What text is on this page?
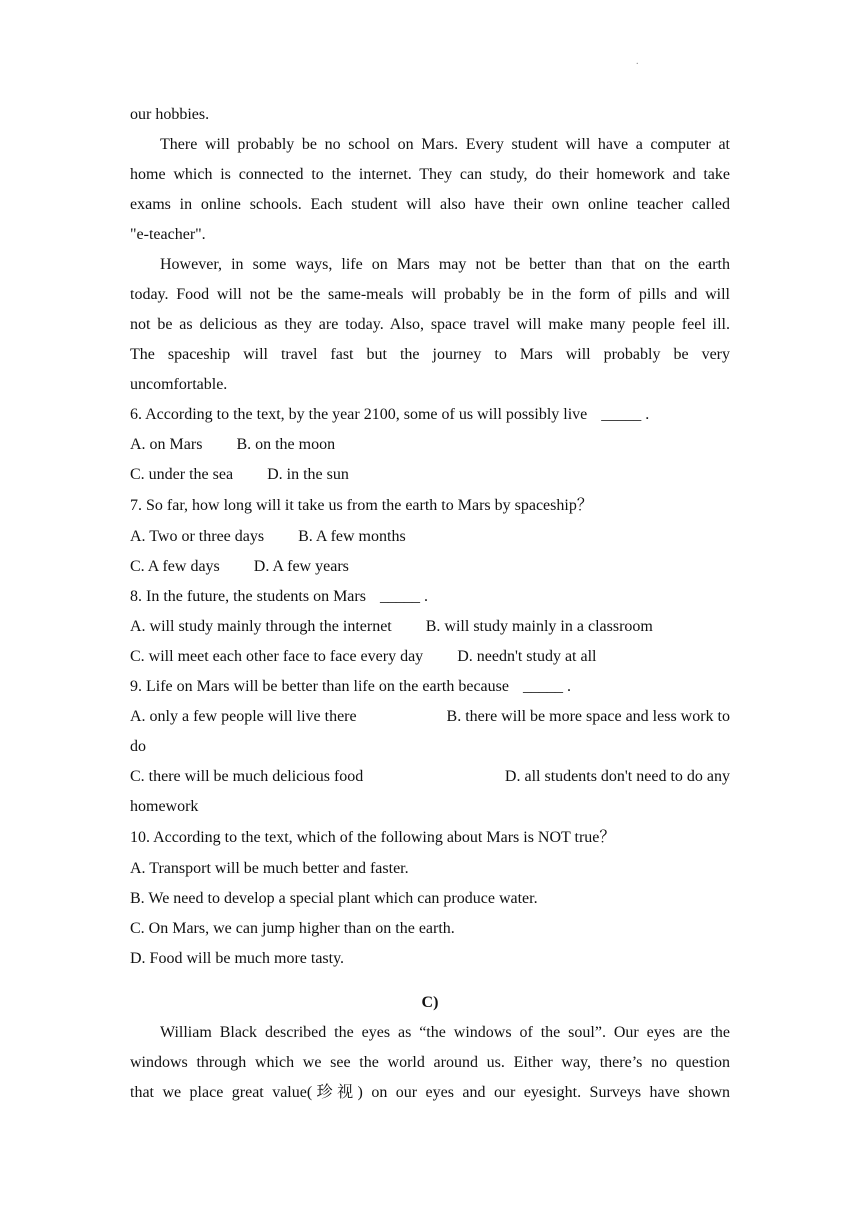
.
our hobbies.
There will probably be no school on Mars. Every student will have a computer at
home which is connected to the internet. They can study, do their homework and take
exams in online schools. Each student will also have their own online teacher called
"e-teacher".
However, in some ways, life on Mars may not be better than that on the earth
today. Food will not be the same-meals will probably be in the form of pills and will
not be as delicious as they are today. Also, space travel will make many people feel ill.
The spaceship will travel fast but the journey to Mars will probably be very
uncomfortable.
6. According to the text, by the year 2100, some of us will possibly live _____ .
A. on Mars B. on the moon
C. under the sea D. in the sun
7. So far, how long will it take us from the earth to Mars by spaceship？
A. Two or three days B. A few months
C. A few days D. A few years
8. In the future, the students on Mars _____ .
A. will study mainly through the internet B. will study mainly in a classroom
C. will meet each other face to face every day D. needn't study at all
9. Life on Mars will be better than life on the earth because _____ .
A. only a few people will live there	B. there will be more space and less work to
do
C. there will be much delicious food	D. all students don't need to do any
homework
10. According to the text, which of the following about Mars is NOT true？
A. Transport will be much better and faster.
B. We need to develop a special plant which can produce water.
C. On Mars, we can jump higher than on the earth.
D. Food will be much more tasty.
C)
William Black described the eyes as “the windows of the soul”. Our eyes are the
windows through which we see the world around us. Either way, there’s no question
that we place great value(珍视) on our eyes and our eyesight. Surveys have shown
